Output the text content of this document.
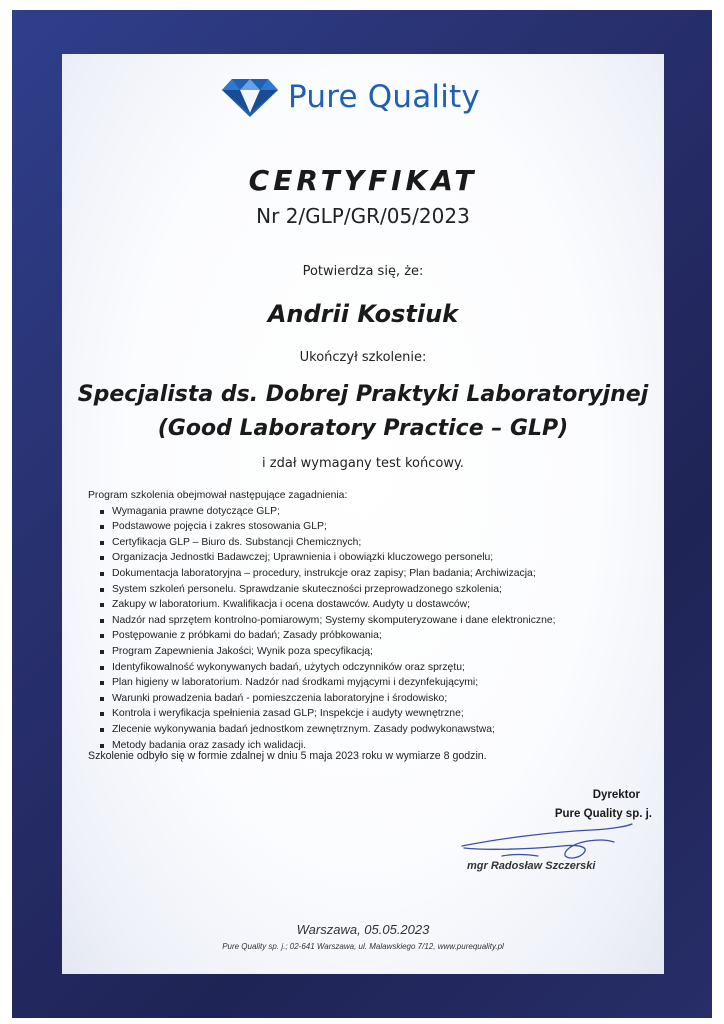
Pure Quality
CERTYFIKAT
Nr 2/GLP/GR/05/2023
Potwierdza się, że:
Andrii Kostiuk
Ukończył szkolenie:
Specjalista ds. Dobrej Praktyki Laboratoryjnej
(Good Laboratory Practice – GLP)
i zdał wymagany test końcowy.
Program szkolenia obejmował następujące zagadnienia:
Wymagania prawne dotyczące GLP;
Podstawowe pojęcia i zakres stosowania GLP;
Certyfikacja GLP – Biuro ds. Substancji Chemicznych;
Organizacja Jednostki Badawczej; Uprawnienia i obowiązki kluczowego personelu;
Dokumentacja laboratoryjna – procedury, instrukcje oraz zapisy; Plan badania; Archiwizacja;
System szkoleń personelu. Sprawdzanie skuteczności przeprowadzonego szkolenia;
Zakupy w laboratorium. Kwalifikacja i ocena dostawców. Audyty u dostawców;
Nadzór nad sprzętem kontrolno-pomiarowym; Systemy skomputeryzowane i dane elektroniczne;
Postępowanie z próbkami do badań; Zasady próbkowania;
Program Zapewnienia Jakości; Wynik poza specyfikacją;
Identyfikowalność wykonywanych badań, użytych odczynników oraz sprzętu;
Plan higieny w laboratorium. Nadzór nad środkami myjącymi i dezynfekującymi;
Warunki prowadzenia badań - pomieszczenia laboratoryjne i środowisko;
Kontrola i weryfikacja spełnienia zasad GLP; Inspekcje i audyty wewnętrzne;
Zlecenie wykonywania badań jednostkom zewnętrznym. Zasady podwykonawstwa;
Metody badania oraz zasady ich walidacji.
Szkolenie odbyło się w formie zdalnej w dniu 5 maja 2023 roku w wymiarze 8 godzin.
Dyrektor
Pure Quality sp. j.
mgr Radosław Szczerski
Warszawa, 05.05.2023
Pure Quality sp. j.; 02-641 Warszawa, ul. Malawskiego 7/12, www.purequality.pl
